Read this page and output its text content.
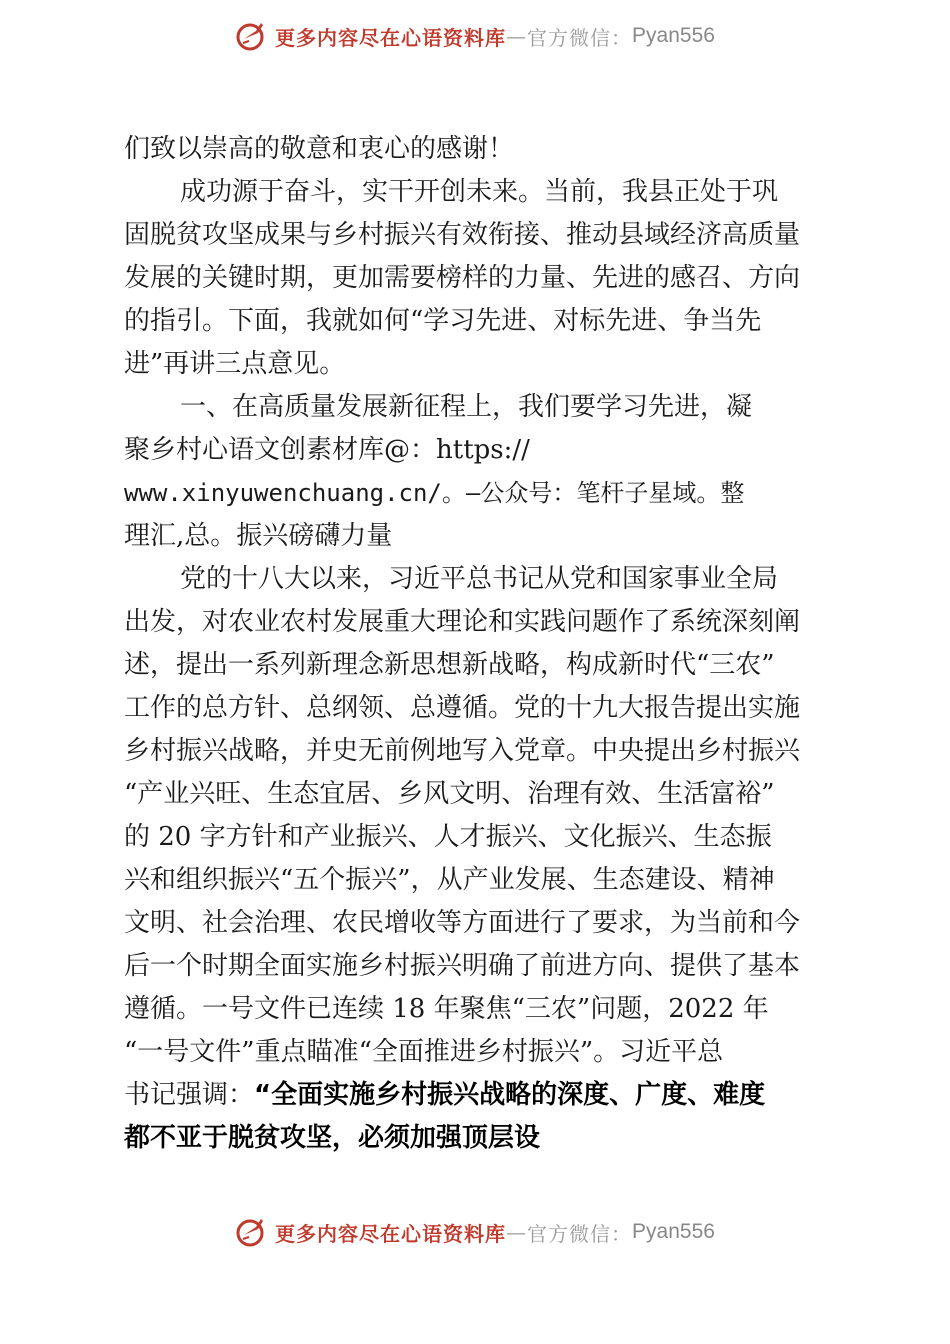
更多内容尽在心语资料库 — 官方微信： Pyan556
们致以崇高的敬意和衷心的感谢！
成功源于奋斗，实干开创未来。当前，我县正处于巩
固脱贫攻坚成果与乡村振兴有效衔接、推动县域经济高质量
发展的关键时期，更加需要榜样的力量、先进的感召、方向
的指引。下面，我就如何“学习先进、对标先进、争当先
进”再讲三点意见。
一、在高质量发展新征程上，我们要学习先进，凝
聚乡村心语文创素材库@：https://
www.xinyuwenchuang.cn/。—公众号：笔杆子星域。整
理汇,总。振兴磅礴力量
党的十八大以来，习近平总书记从党和国家事业全局
出发，对农业农村发展重大理论和实践问题作了系统深刻阐
述，提出一系列新理念新思想新战略，构成新时代“三农”
工作的总方针、总纲领、总遵循。党的十九大报告提出实施
乡村振兴战略，并史无前例地写入党章。中央提出乡村振兴
“产业兴旺、生态宜居、乡风文明、治理有效、生活富裕”
的 20 字方针和产业振兴、人才振兴、文化振兴、生态振
兴和组织振兴“五个振兴”，从产业发展、生态建设、精神
文明、社会治理、农民增收等方面进行了要求，为当前和今
后一个时期全面实施乡村振兴明确了前进方向、提供了基本
遵循。一号文件已连续 18 年聚焦“三农”问题，2022 年
“一号文件”重点瞄准“全面推进乡村振兴”。习近平总
书记强调：“全面实施乡村振兴战略的深度、广度、难度
都不亚于脱贫攻坚，必须加强顶层设
更多内容尽在心语资料库 — 官方微信： Pyan556
